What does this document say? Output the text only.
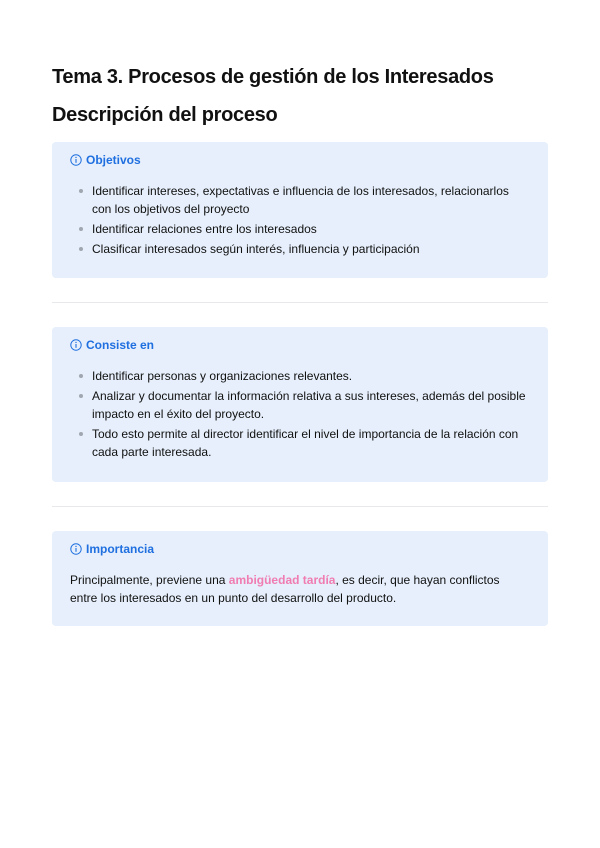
Tema 3. Procesos de gestión de los Interesados
Descripción del proceso
Objetivos
Identificar intereses, expectativas e influencia de los interesados, relacionarlos con los objetivos del proyecto
Identificar relaciones entre los interesados
Clasificar interesados según interés, influencia y participación
Consiste en
Identificar personas y organizaciones relevantes.
Analizar y documentar la información relativa a sus intereses, además del posible impacto en el éxito del proyecto.
Todo esto permite al director identificar el nivel de importancia de la relación con cada parte interesada.
Importancia

Principalmente, previene una ambigüedad tardía, es decir, que hayan conflictos entre los interesados en un punto del desarrollo del producto.
